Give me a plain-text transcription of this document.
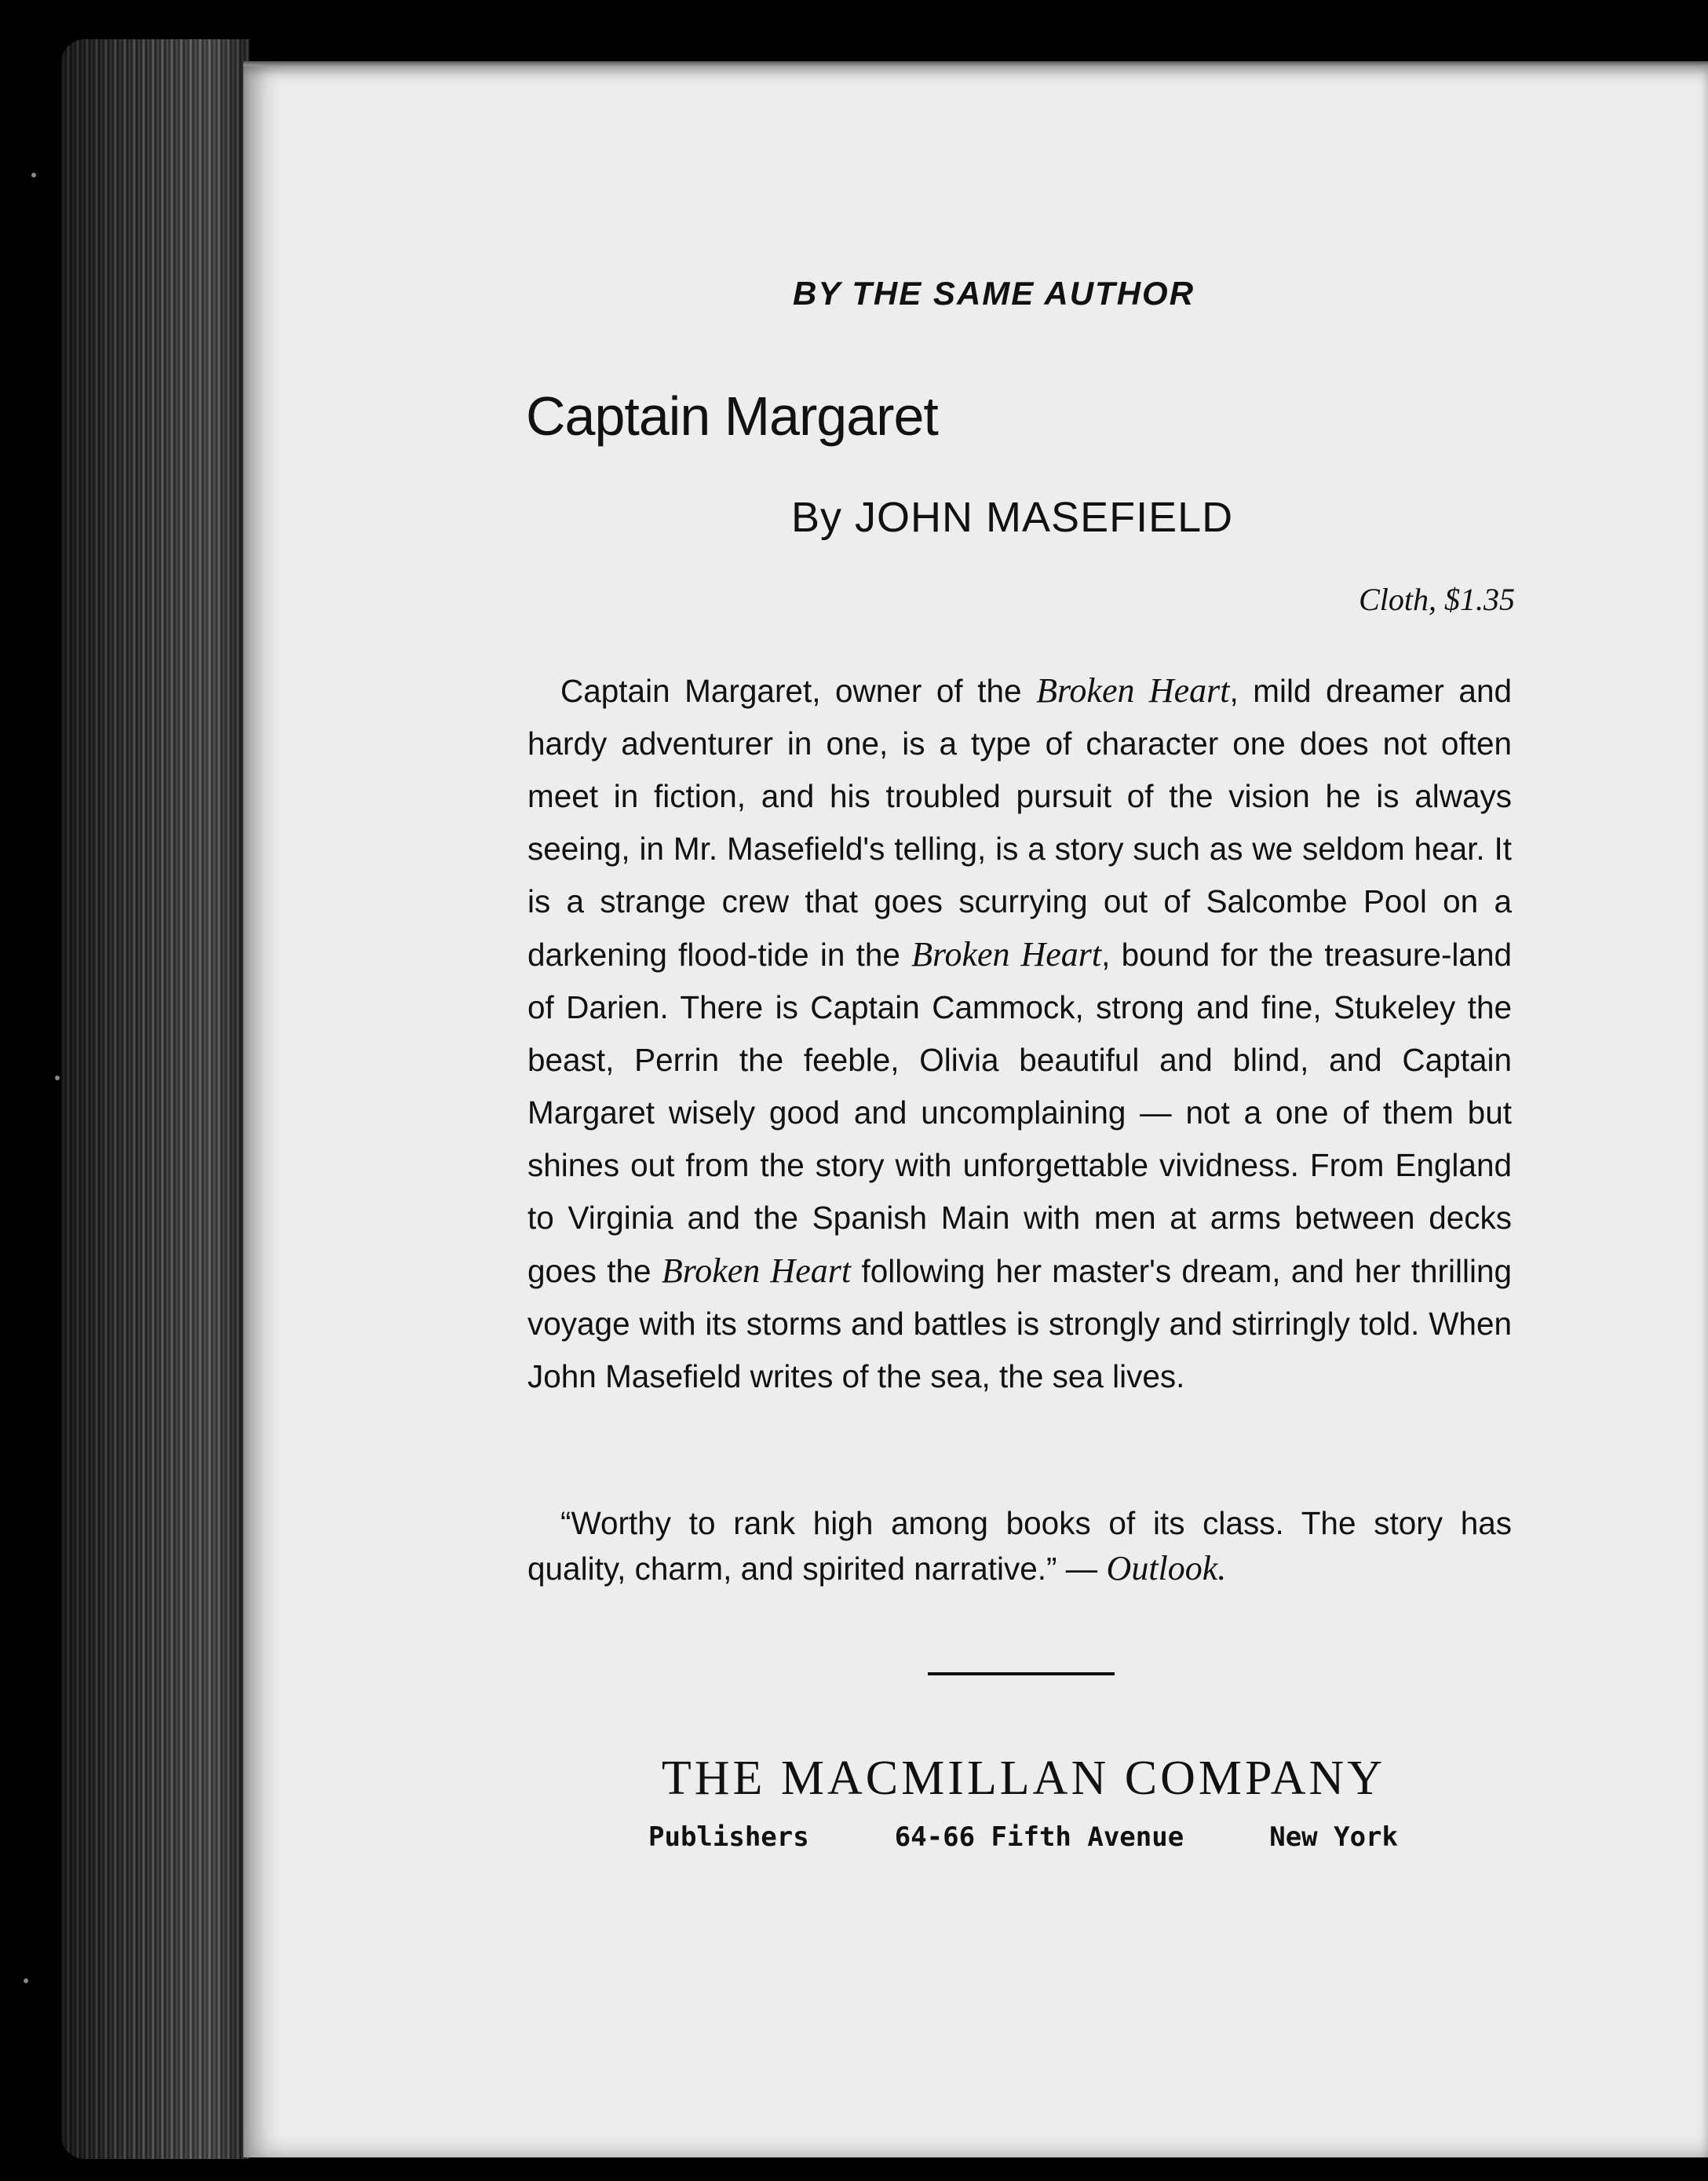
BY THE SAME AUTHOR
Captain Margaret
By JOHN MASEFIELD
Cloth, $1.35
Captain Margaret, owner of the Broken Heart, mild dreamer and hardy adventurer in one, is a type of character one does not often meet in fiction, and his troubled pursuit of the vision he is always seeing, in Mr. Masefield's telling, is a story such as we seldom hear. It is a strange crew that goes scurrying out of Salcombe Pool on a darkening flood-tide in the Broken Heart, bound for the treasure-land of Darien. There is Captain Cammock, strong and fine, Stukeley the beast, Perrin the feeble, Olivia beautiful and blind, and Captain Margaret wisely good and uncomplaining — not a one of them but shines out from the story with unforgettable vividness. From England to Virginia and the Spanish Main with men at arms between decks goes the Broken Heart following her master's dream, and her thrilling voyage with its storms and battles is strongly and stirringly told. When John Masefield writes of the sea, the sea lives.
“Worthy to rank high among books of its class. The story has quality, charm, and spirited narrative.” — Outlook.
THE MACMILLAN COMPANY
Publishers	64-66 Fifth Avenue	New York
